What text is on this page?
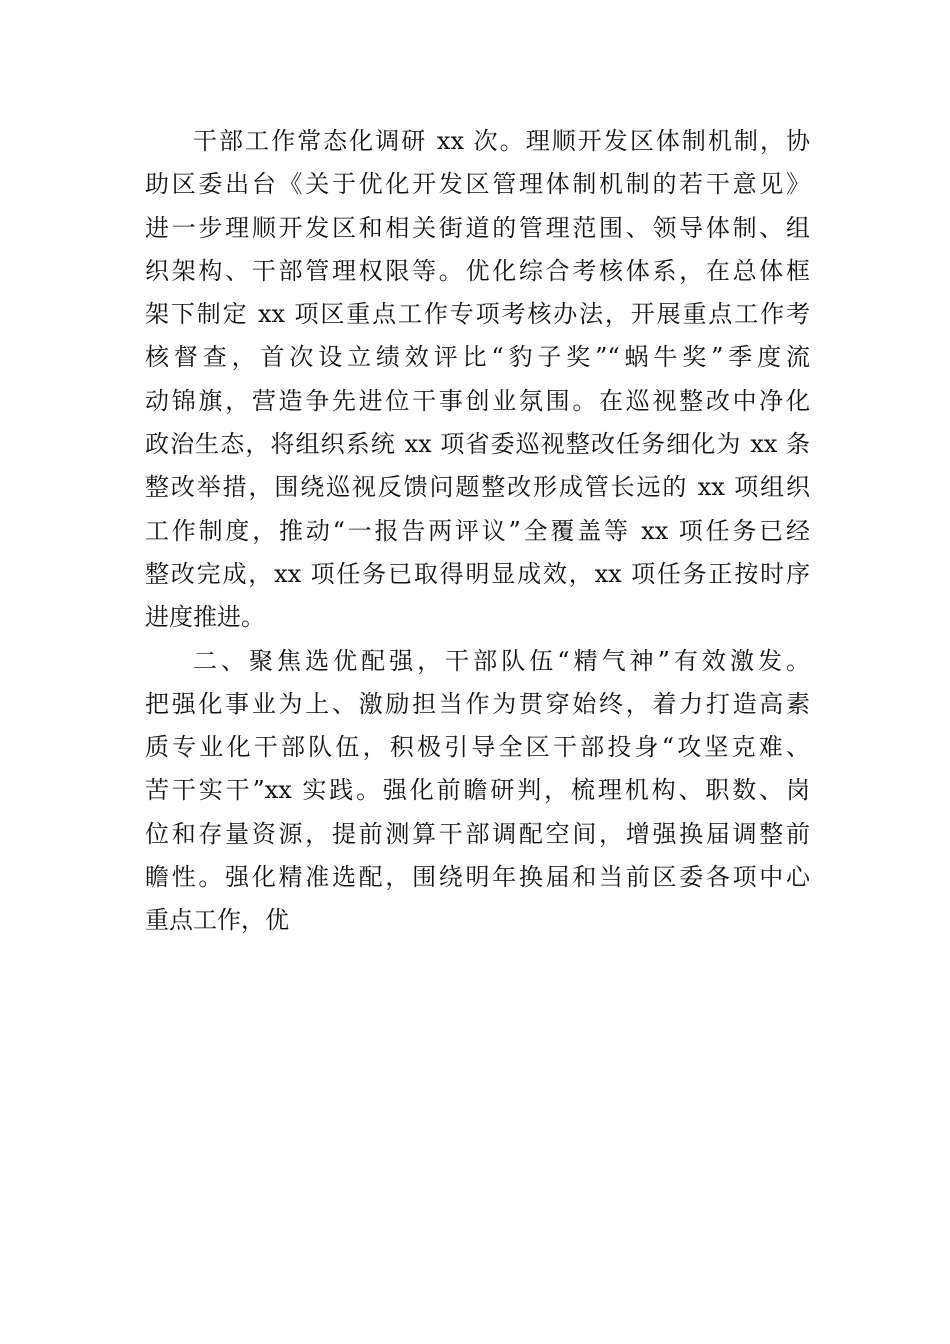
干部工作常态化调研 xx 次。理顺开发区体制机制，协
助区委出台《关于优化开发区管理体制机制的若干意见》
进一步理顺开发区和相关街道的管理范围、领导体制、组
织架构、干部管理权限等。优化综合考核体系，在总体框
架下制定 xx 项区重点工作专项考核办法，开展重点工作考
核督查，首次设立绩效评比“豹子奖”“蜗牛奖”季度流
动锦旗，营造争先进位干事创业氛围。在巡视整改中净化
政治生态，将组织系统 xx 项省委巡视整改任务细化为 xx 条
整改举措，围绕巡视反馈问题整改形成管长远的 xx 项组织
工作制度，推动“一报告两评议”全覆盖等 xx 项任务已经
整改完成，xx 项任务已取得明显成效，xx 项任务正按时序
进度推进。
二、聚焦选优配强，干部队伍“精气神”有效激发。
把强化事业为上、激励担当作为贯穿始终，着力打造高素
质专业化干部队伍，积极引导全区干部投身“攻坚克难、
苦干实干”xx 实践。强化前瞻研判，梳理机构、职数、岗
位和存量资源，提前测算干部调配空间，增强换届调整前
瞻性。强化精准选配，围绕明年换届和当前区委各项中心
重点工作，优
